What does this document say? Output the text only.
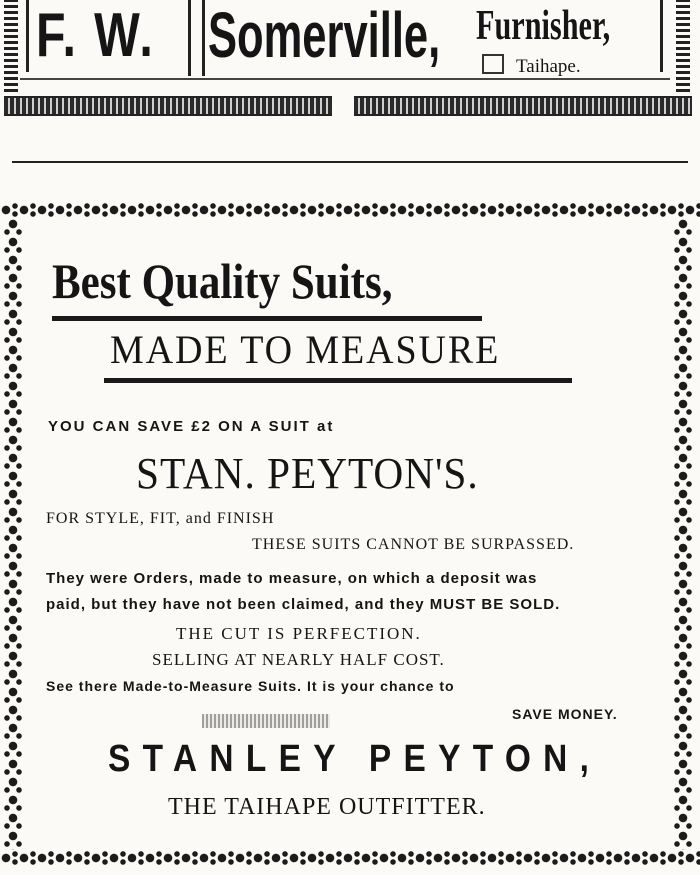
F. W. Somerville, Furnisher,
Taihape.
Best Quality Suits,
MADE TO MEASURE
YOU CAN SAVE £2 ON A SUIT at
STAN. PEYTON'S.
FOR STYLE, FIT, and FINISH
THESE SUITS CANNOT BE SURPASSED.
They were Orders, made to measure, on which a deposit was
paid, but they have not been claimed, and they MUST BE SOLD.
THE CUT IS PERFECTION.
SELLING AT NEARLY HALF COST.
See there Made-to-Measure Suits. It is your chance to
SAVE MONEY.
STANLEY PEYTON,
THE TAIHAPE OUTFITTER.
